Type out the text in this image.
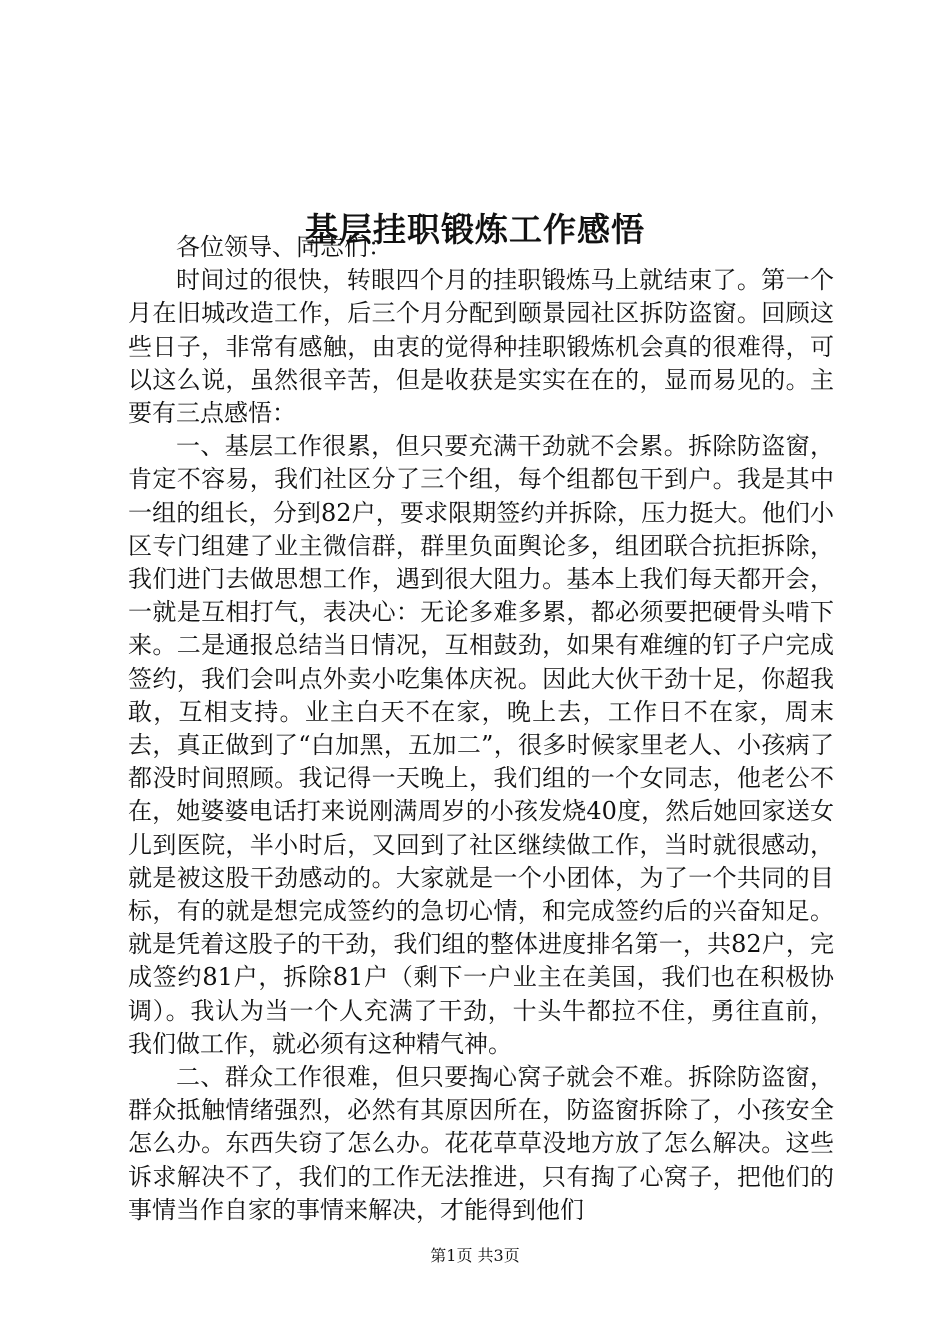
基层挂职锻炼工作感悟

各位领导、同志们：

时间过的很快，转眼四个月的挂职锻炼马上就结束了。第一个月在旧城改造工作，后三个月分配到颐景园社区拆防盗窗。回顾这些日子，非常有感触，由衷的觉得种挂职锻炼机会真的很难得，可以这么说，虽然很辛苦，但是收获是实实在在的，显而易见的。主要有三点感悟：

一、基层工作很累，但只要充满干劲就不会累。拆除防盗窗，肯定不容易，我们社区分了三个组，每个组都包干到户。我是其中一组的组长，分到82户，要求限期签约并拆除，压力挺大。他们小区专门组建了业主微信群，群里负面舆论多，组团联合抗拒拆除，我们进门去做思想工作，遇到很大阻力。基本上我们每天都开会，一就是互相打气，表决心：无论多难多累，都必须要把硬骨头啃下来。二是通报总结当日情况，互相鼓劲，如果有难缠的钉子户完成签约，我们会叫点外卖小吃集体庆祝。因此大伙干劲十足，你超我敢，互相支持。业主白天不在家，晚上去，工作日不在家，周末去，真正做到了“白加黑，五加二”，很多时候家里老人、小孩病了都没时间照顾。我记得一天晚上，我们组的一个女同志，他老公不在，她婆婆电话打来说刚满周岁的小孩发烧40度，然后她回家送女儿到医院，半小时后，又回到了社区继续做工作，当时就很感动，就是被这股干劲感动的。大家就是一个小团体，为了一个共同的目标，有的就是想完成签约的急切心情，和完成签约后的兴奋知足。就是凭着这股子的干劲，我们组的整体进度排名第一，共82户，完成签约81户，拆除81户（剩下一户业主在美国，我们也在积极协调）。我认为当一个人充满了干劲，十头牛都拉不住，勇往直前，我们做工作，就必须有这种精气神。

二、群众工作很难，但只要掏心窝子就会不难。拆除防盗窗，群众抵触情绪强烈，必然有其原因所在，防盗窗拆除了，小孩安全怎么办。东西失窃了怎么办。花花草草没地方放了怎么解决。这些诉求解决不了，我们的工作无法推进，只有掏了心窝子，把他们的事情当作自家的事情来解决，才能得到他们

第1页 共3页
